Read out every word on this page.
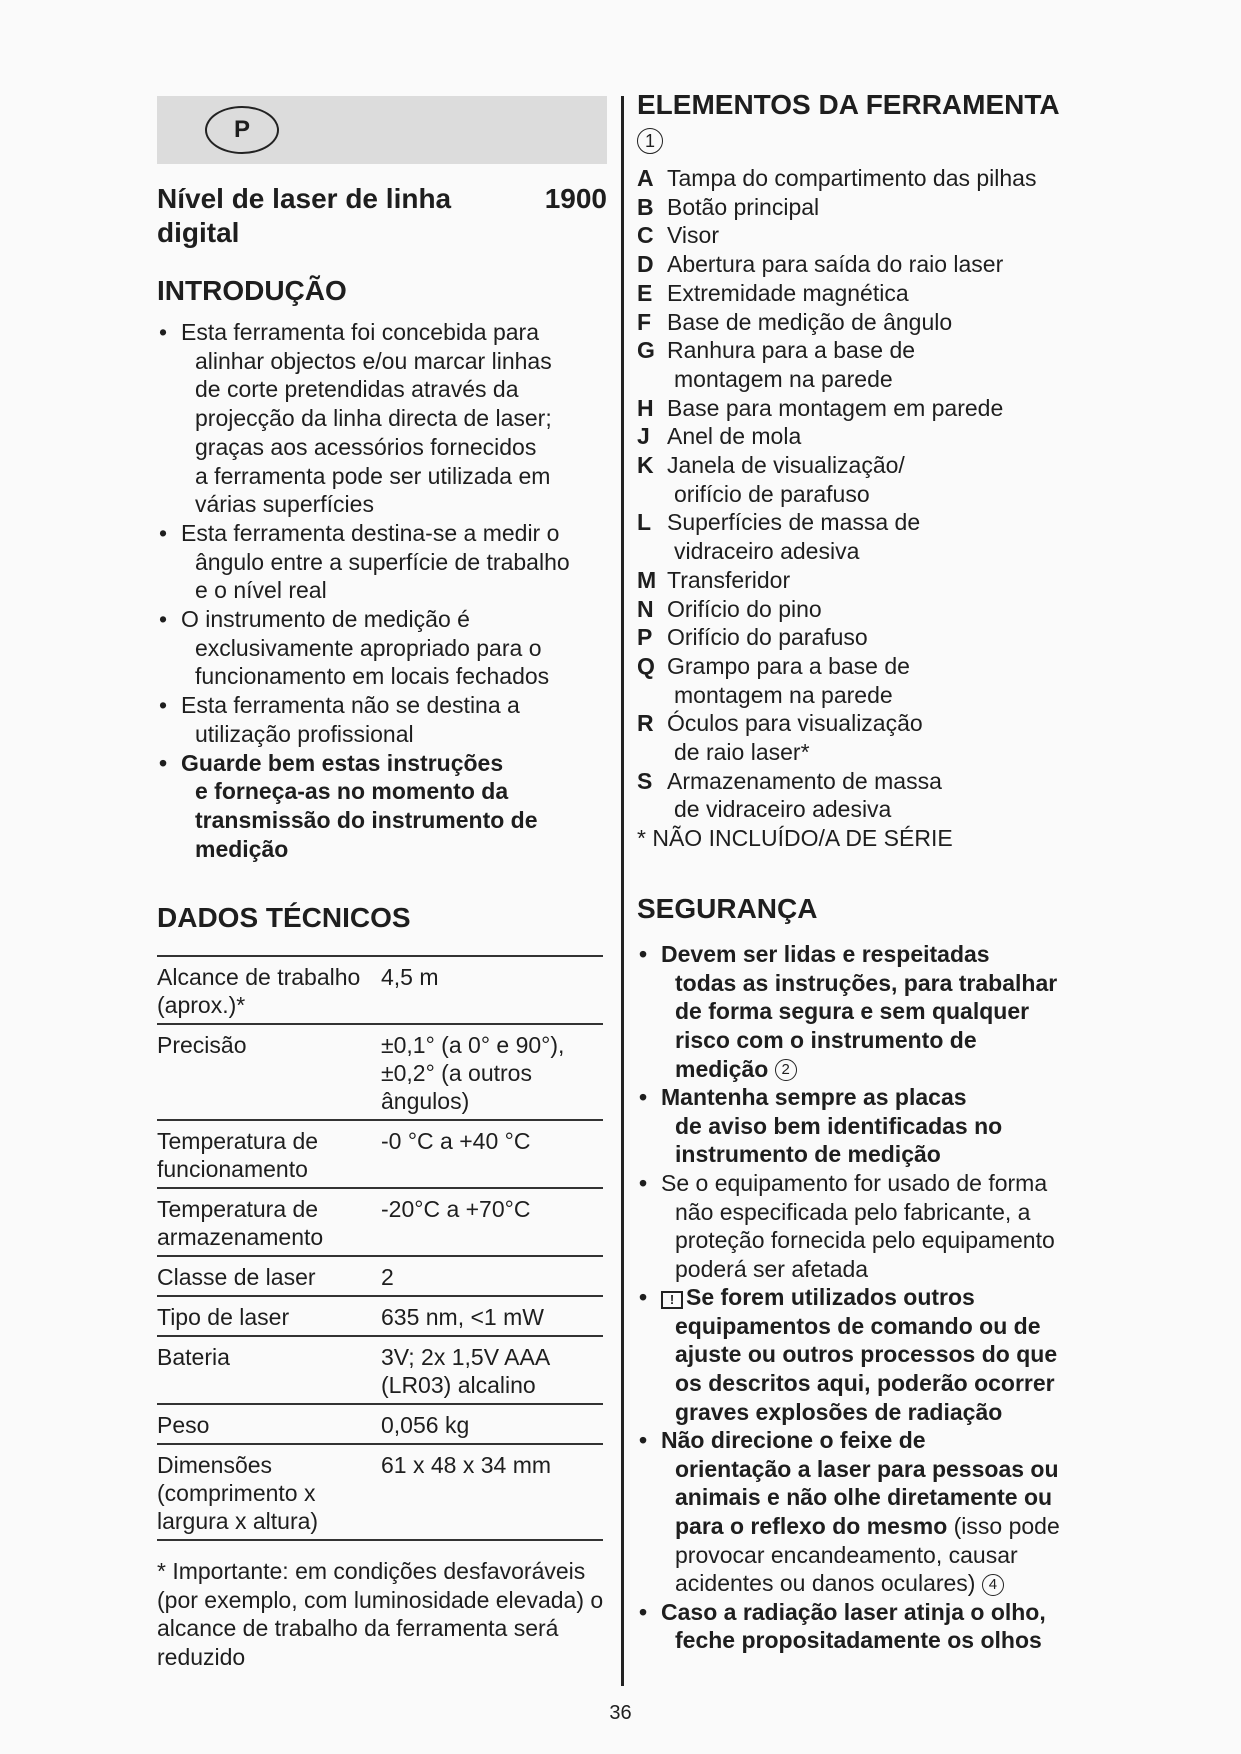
P
Nível de laser de linha
digital
1900
INTRODUÇÃO
• Esta ferramenta foi concebida para
alinhar objectos e/ou marcar linhas
de corte pretendidas através da
projecção da linha directa de laser;
graças aos acessórios fornecidos
a ferramenta pode ser utilizada em
várias superfícies
• Esta ferramenta destina-se a medir o
ângulo entre a superfície de trabalho
e o nível real
• O instrumento de medição é
exclusivamente apropriado para o
funcionamento em locais fechados
• Esta ferramenta não se destina a
utilização profissional
• Guarde bem estas instruções
e forneça-as no momento da
transmissão do instrumento de
medição
DADOS TÉCNICOS
Alcance de trabalho
(aprox.)*	4,5 m
Precisão	±0,1° (a 0° e 90°),
±0,2° (a outros
ângulos)
Temperatura de
funcionamento	-0 °C a +40 °C
Temperatura de
armazenamento	-20°C a +70°C
Classe de laser	2
Tipo de laser	635 nm, <1 mW
Bateria	3V; 2x 1,5V AAA
(LR03) alcalino
Peso	0,056 kg
Dimensões
(comprimento x
largura x altura)	61 x 48 x 34 mm
* Importante: em condições desfavoráveis (por exemplo, com luminosidade elevada) o alcance de trabalho da ferramenta será reduzido
ELEMENTOS DA FERRAMENTA
1
A Tampa do compartimento das pilhas
B Botão principal
C Visor
D Abertura para saída do raio laser
E Extremidade magnética
F Base de medição de ângulo
G Ranhura para a base de
montagem na parede
H Base para montagem em parede
J Anel de mola
K Janela de visualização/
orifício de parafuso
L Superfícies de massa de
vidraceiro adesiva
M Transferidor
N Orifício do pino
P Orifício do parafuso
Q Grampo para a base de
montagem na parede
R Óculos para visualização
de raio laser*
S Armazenamento de massa
de vidraceiro adesiva
* NÃO INCLUÍDO/A DE SÉRIE
SEGURANÇA
• Devem ser lidas e respeitadas
todas as instruções, para trabalhar
de forma segura e sem qualquer
risco com o instrumento de
medição 2
• Mantenha sempre as placas
de aviso bem identificadas no
instrumento de medição
• Se o equipamento for usado de forma
não especificada pelo fabricante, a
proteção fornecida pelo equipamento
poderá ser afetada
• ! Se forem utilizados outros
equipamentos de comando ou de
ajuste ou outros processos do que
os descritos aqui, poderão ocorrer
graves explosões de radiação
• Não direcione o feixe de
orientação a laser para pessoas ou
animais e não olhe diretamente ou
para o reflexo do mesmo (isso pode
provocar encandeamento, causar
acidentes ou danos oculares) 4
• Caso a radiação laser atinja o olho,
feche propositadamente os olhos
36
